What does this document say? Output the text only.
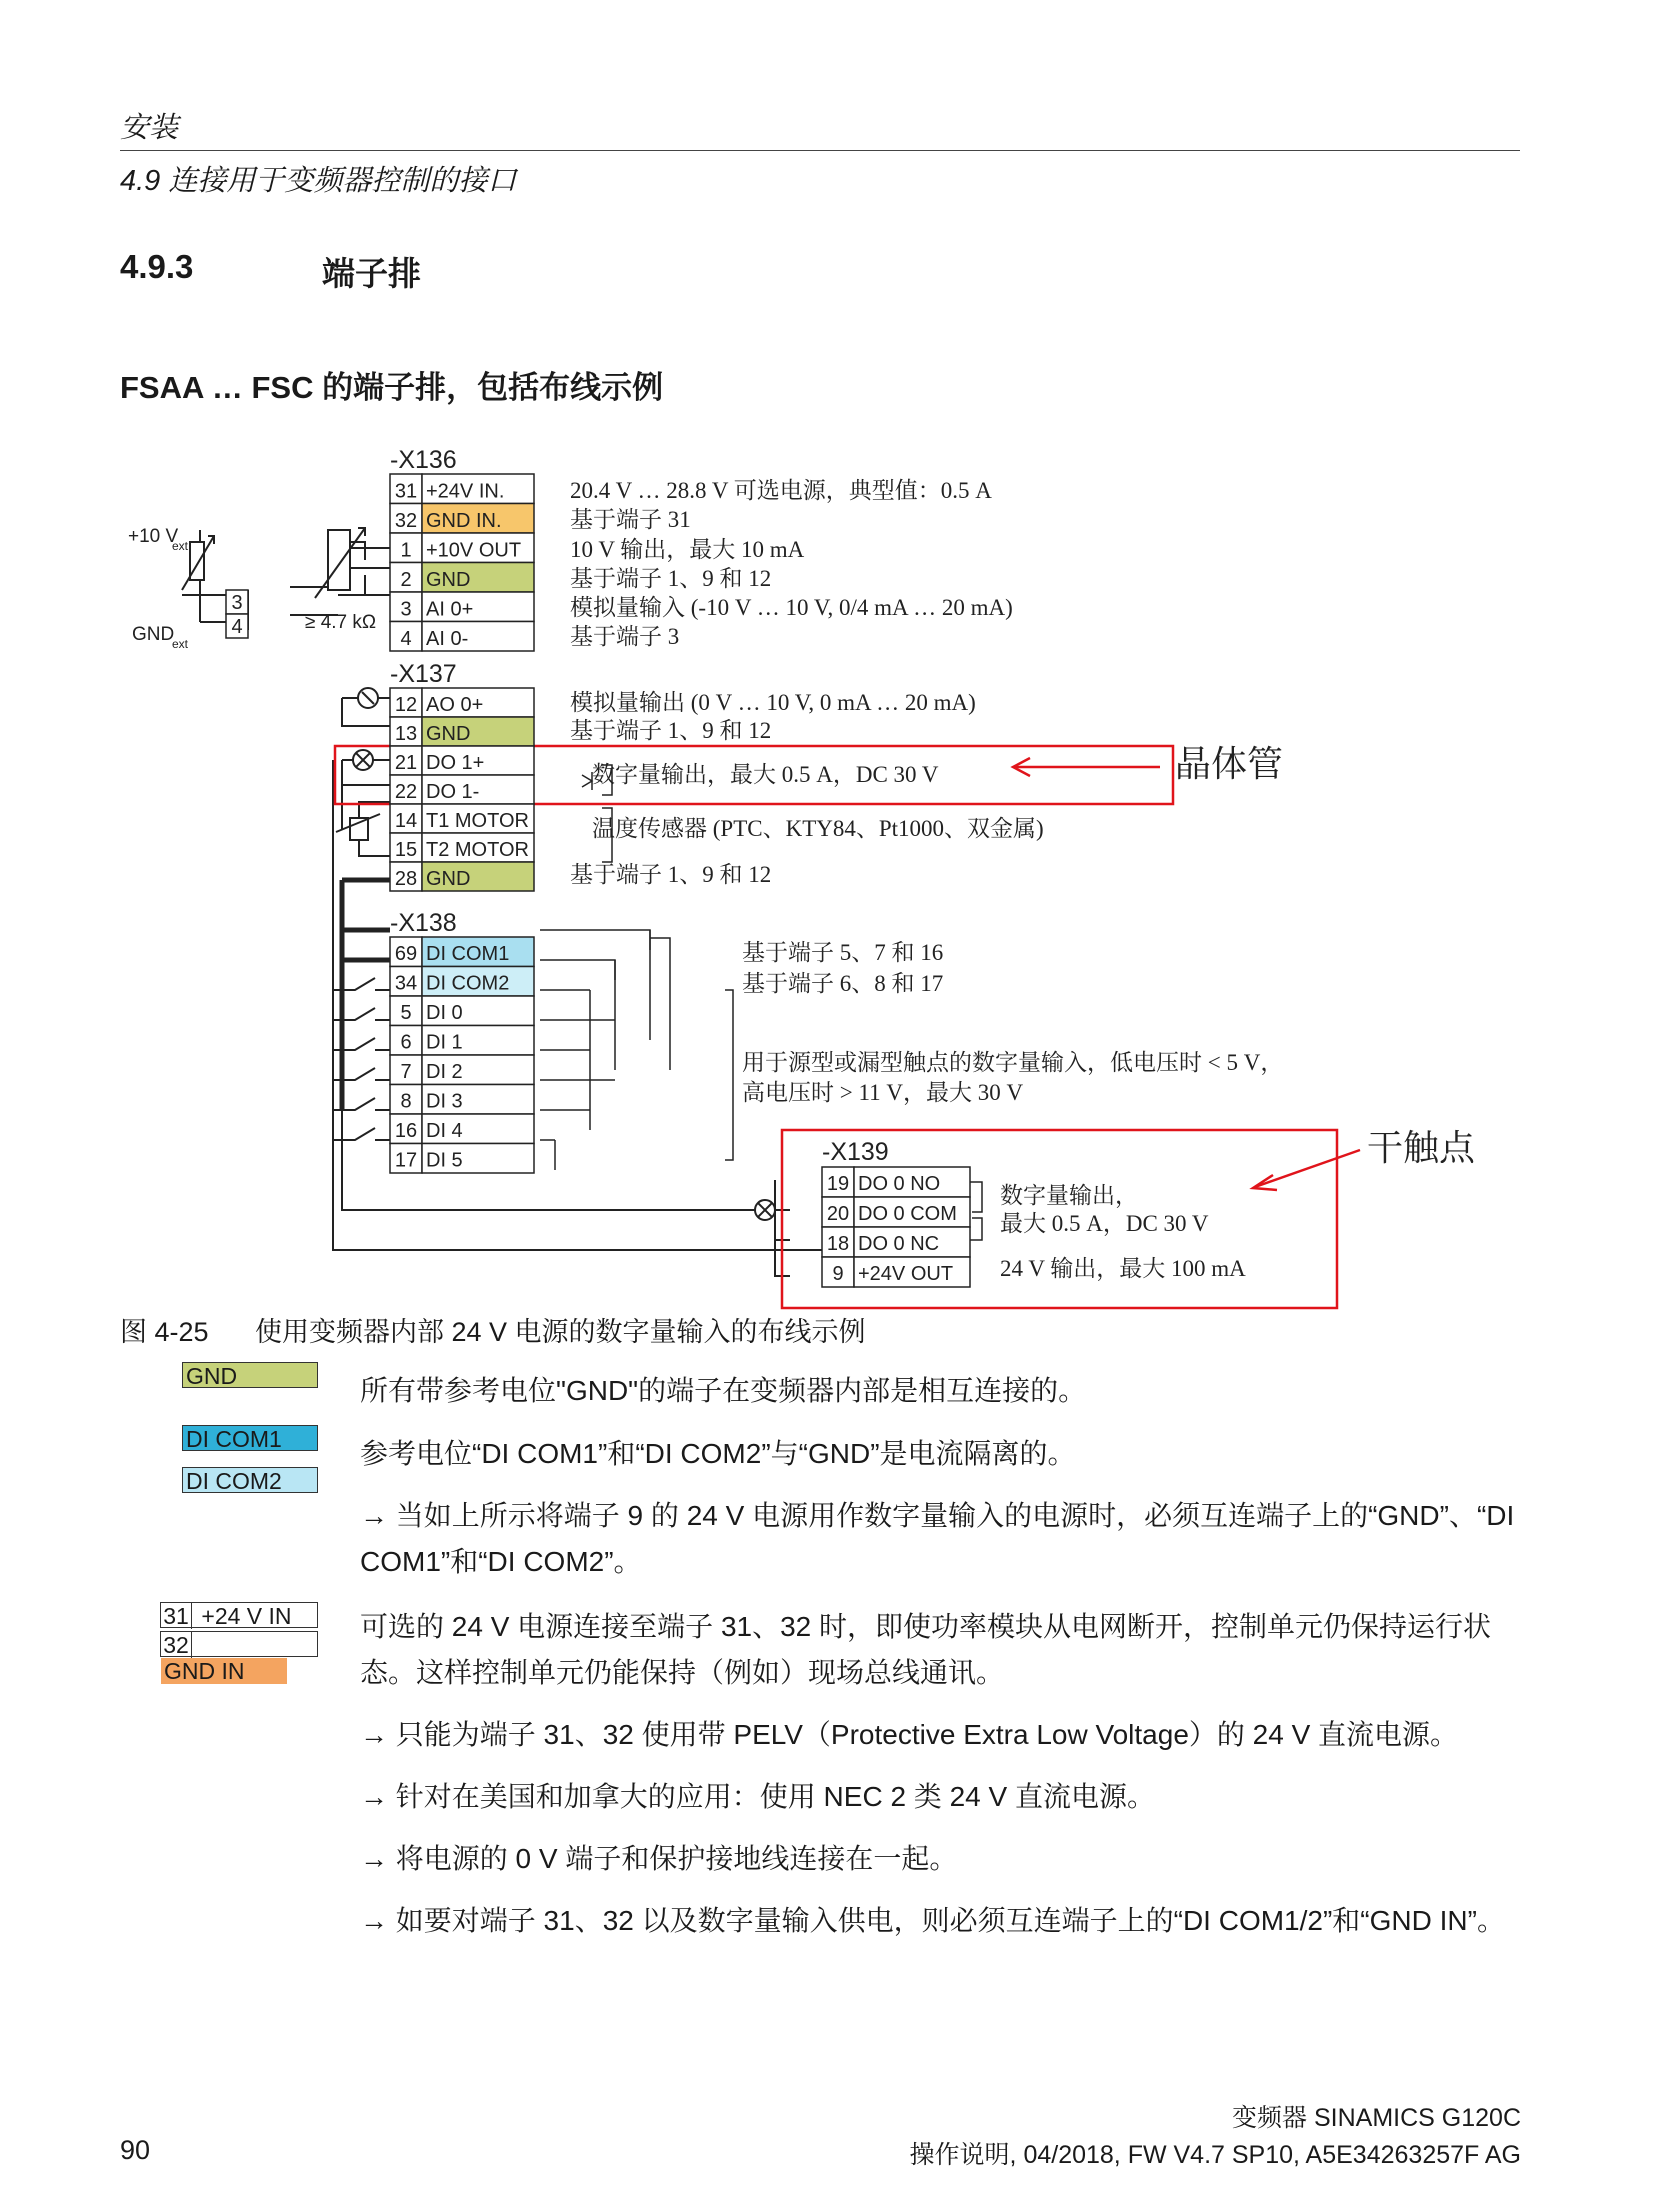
安装
4.9 连接用于变频器控制的接口
4.9.3	端子排
FSAA … FSC 的端子排，包括布线示例
-X136
31 +24V IN.
32 GND IN.
1 +10V OUT
2 GND
3 AI 0+
4 AI 0-
20.4 V … 28.8 V 可选电源，典型值：0.5 A
基于端子 31
10 V 输出，最大 10 mA
基于端子 1、9 和 12
模拟量输入 (-10 V … 10 V, 0/4 mA … 20 mA)
基于端子 3
-X137
12 AO 0+
13 GND
21 DO 1+
22 DO 1-
14 T1 MOTOR
15 T2 MOTOR
28 GND
模拟量输出 (0 V … 10 V, 0 mA … 20 mA)
基于端子 1、9 和 12
数字量输出，最大 0.5 A，DC 30 V
温度传感器 (PTC、KTY84、Pt1000、双金属)
基于端子 1、9 和 12
-X138
69 DI COM1
34 DI COM2
5 DI 0
6 DI 1
7 DI 2
8 DI 3
16 DI 4
17 DI 5
基于端子 5、7 和 16
基于端子 6、8 和 17
用于源型或漏型触点的数字量输入，低电压时 < 5 V，
高电压时 > 11 V，最大 30 V
-X139
19 DO 0 NO
20 DO 0 COM
18 DO 0 NC
9 +24V OUT
数字量输出，
最大 0.5 A，DC 30 V
24 V 输出，最大 100 mA
+10 V
ext
GND
ext
3
4	≥ 4.7 kΩ
晶体管
干触点
图 4-25 使用变频器内部 24 V 电源的数字量输入的布线示例
GND
DI COM1
DI COM2
31 +24 V IN
32 GND IN
所有带参考电位"GND"的端子在变频器内部是相互连接的。
参考电位“DI COM1”和“DI COM2”与“GND”是电流隔离的。
→ 当如上所示将端子 9 的 24 V 电源用作数字量输入的电源时，必须互连端子上的“GND”、“DI COM1”和“DI COM2”。
可选的 24 V 电源连接至端子 31、32 时，即使功率模块从电网断开，控制单元仍保持运行状态。这样控制单元仍能保持（例如）现场总线通讯。
→ 只能为端子 31、32 使用带 PELV（Protective Extra Low Voltage）的 24 V 直流电源。
→ 针对在美国和加拿大的应用：使用 NEC 2 类 24 V 直流电源。
→ 将电源的 0 V 端子和保护接地线连接在一起。
→ 如要对端子 31、32 以及数字量输入供电，则必须互连端子上的“DI COM1/2”和“GND IN”。
变频器 SINAMICS G120C
操作说明, 04/2018, FW V4.7 SP10, A5E34263257F AG
90
